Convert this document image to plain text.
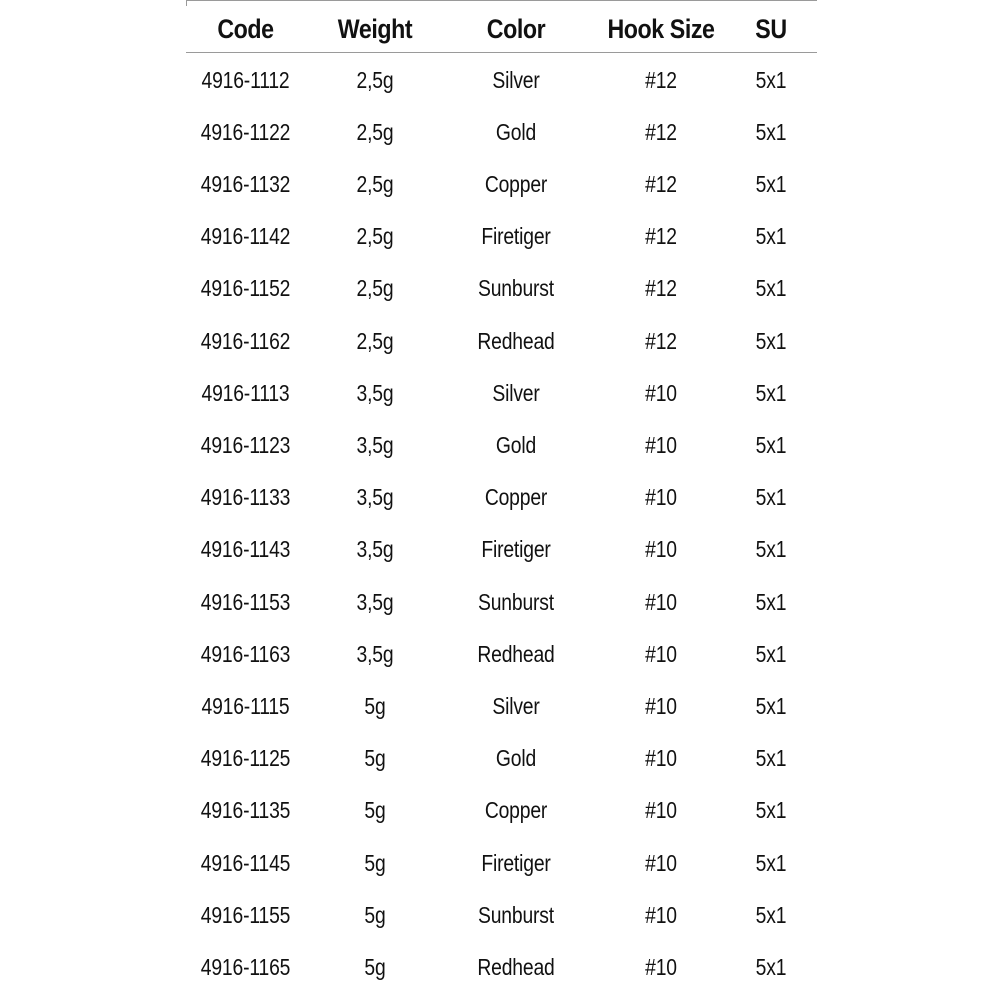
Code	Weight	Color	Hook Size	SU
4916-1112	2,5g	Silver	#12	5x1
4916-1122	2,5g	Gold	#12	5x1
4916-1132	2,5g	Copper	#12	5x1
4916-1142	2,5g	Firetiger	#12	5x1
4916-1152	2,5g	Sunburst	#12	5x1
4916-1162	2,5g	Redhead	#12	5x1
4916-1113	3,5g	Silver	#10	5x1
4916-1123	3,5g	Gold	#10	5x1
4916-1133	3,5g	Copper	#10	5x1
4916-1143	3,5g	Firetiger	#10	5x1
4916-1153	3,5g	Sunburst	#10	5x1
4916-1163	3,5g	Redhead	#10	5x1
4916-1115	5g	Silver	#10	5x1
4916-1125	5g	Gold	#10	5x1
4916-1135	5g	Copper	#10	5x1
4916-1145	5g	Firetiger	#10	5x1
4916-1155	5g	Sunburst	#10	5x1
4916-1165	5g	Redhead	#10	5x1
